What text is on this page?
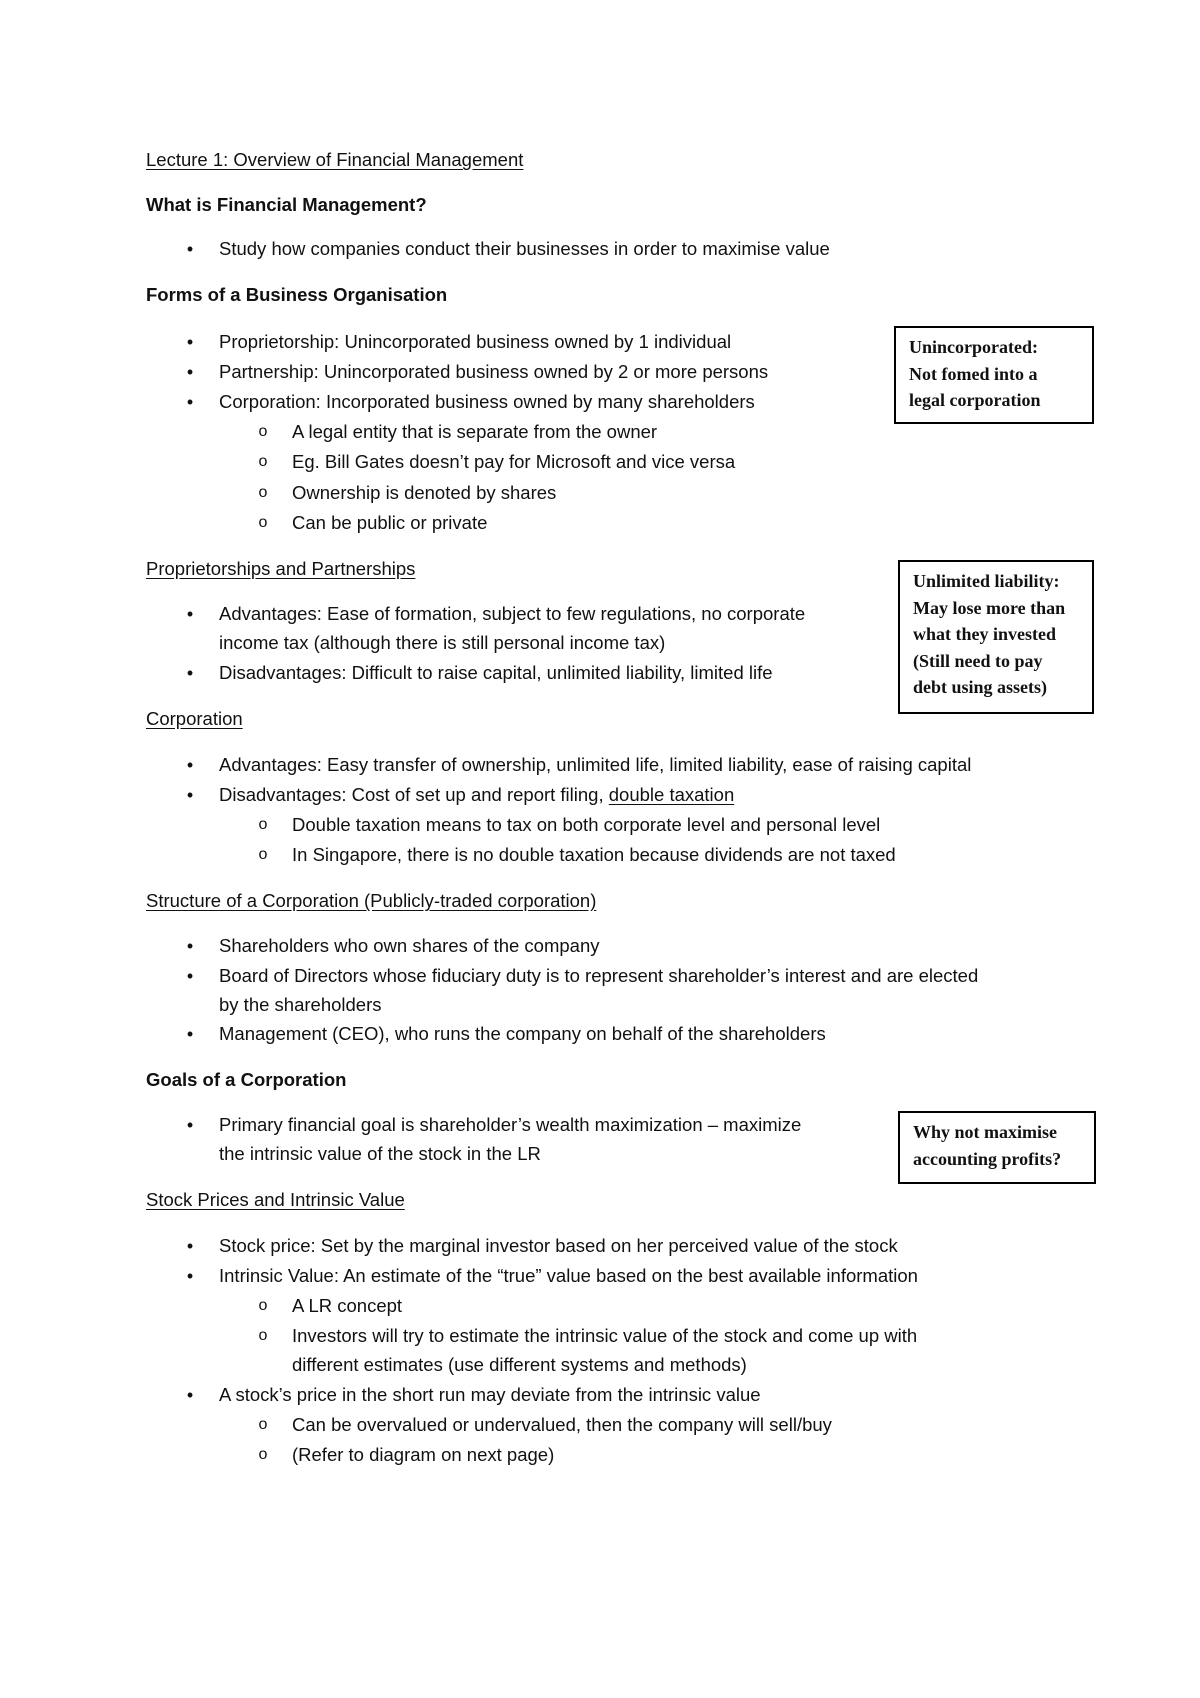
Lecture 1: Overview of Financial Management
What is Financial Management?
• Study how companies conduct their businesses in order to maximise value
Forms of a Business Organisation
• Proprietorship: Unincorporated business owned by 1 individual
• Partnership: Unincorporated business owned by 2 or more persons
• Corporation: Incorporated business owned by many shareholders
o A legal entity that is separate from the owner
o Eg. Bill Gates doesn’t pay for Microsoft and vice versa
o Ownership is denoted by shares
o Can be public or private
Unincorporated:
Not fomed into a
legal corporation
Proprietorships and Partnerships
• Advantages: Ease of formation, subject to few regulations, no corporate
income tax (although there is still personal income tax)
• Disadvantages: Difficult to raise capital, unlimited liability, limited life
Unlimited liability:
May lose more than
what they invested
(Still need to pay
debt using assets)
Corporation
• Advantages: Easy transfer of ownership, unlimited life, limited liability, ease of raising capital
• Disadvantages: Cost of set up and report filing, double taxation
o Double taxation means to tax on both corporate level and personal level
o In Singapore, there is no double taxation because dividends are not taxed
Structure of a Corporation (Publicly-traded corporation)
• Shareholders who own shares of the company
• Board of Directors whose fiduciary duty is to represent shareholder’s interest and are elected
by the shareholders
• Management (CEO), who runs the company on behalf of the shareholders
Goals of a Corporation
• Primary financial goal is shareholder’s wealth maximization – maximize
the intrinsic value of the stock in the LR
Why not maximise
accounting profits?
Stock Prices and Intrinsic Value
• Stock price: Set by the marginal investor based on her perceived value of the stock
• Intrinsic Value: An estimate of the “true” value based on the best available information
o A LR concept
o Investors will try to estimate the intrinsic value of the stock and come up with
different estimates (use different systems and methods)
• A stock’s price in the short run may deviate from the intrinsic value
o Can be overvalued or undervalued, then the company will sell/buy
o (Refer to diagram on next page)
